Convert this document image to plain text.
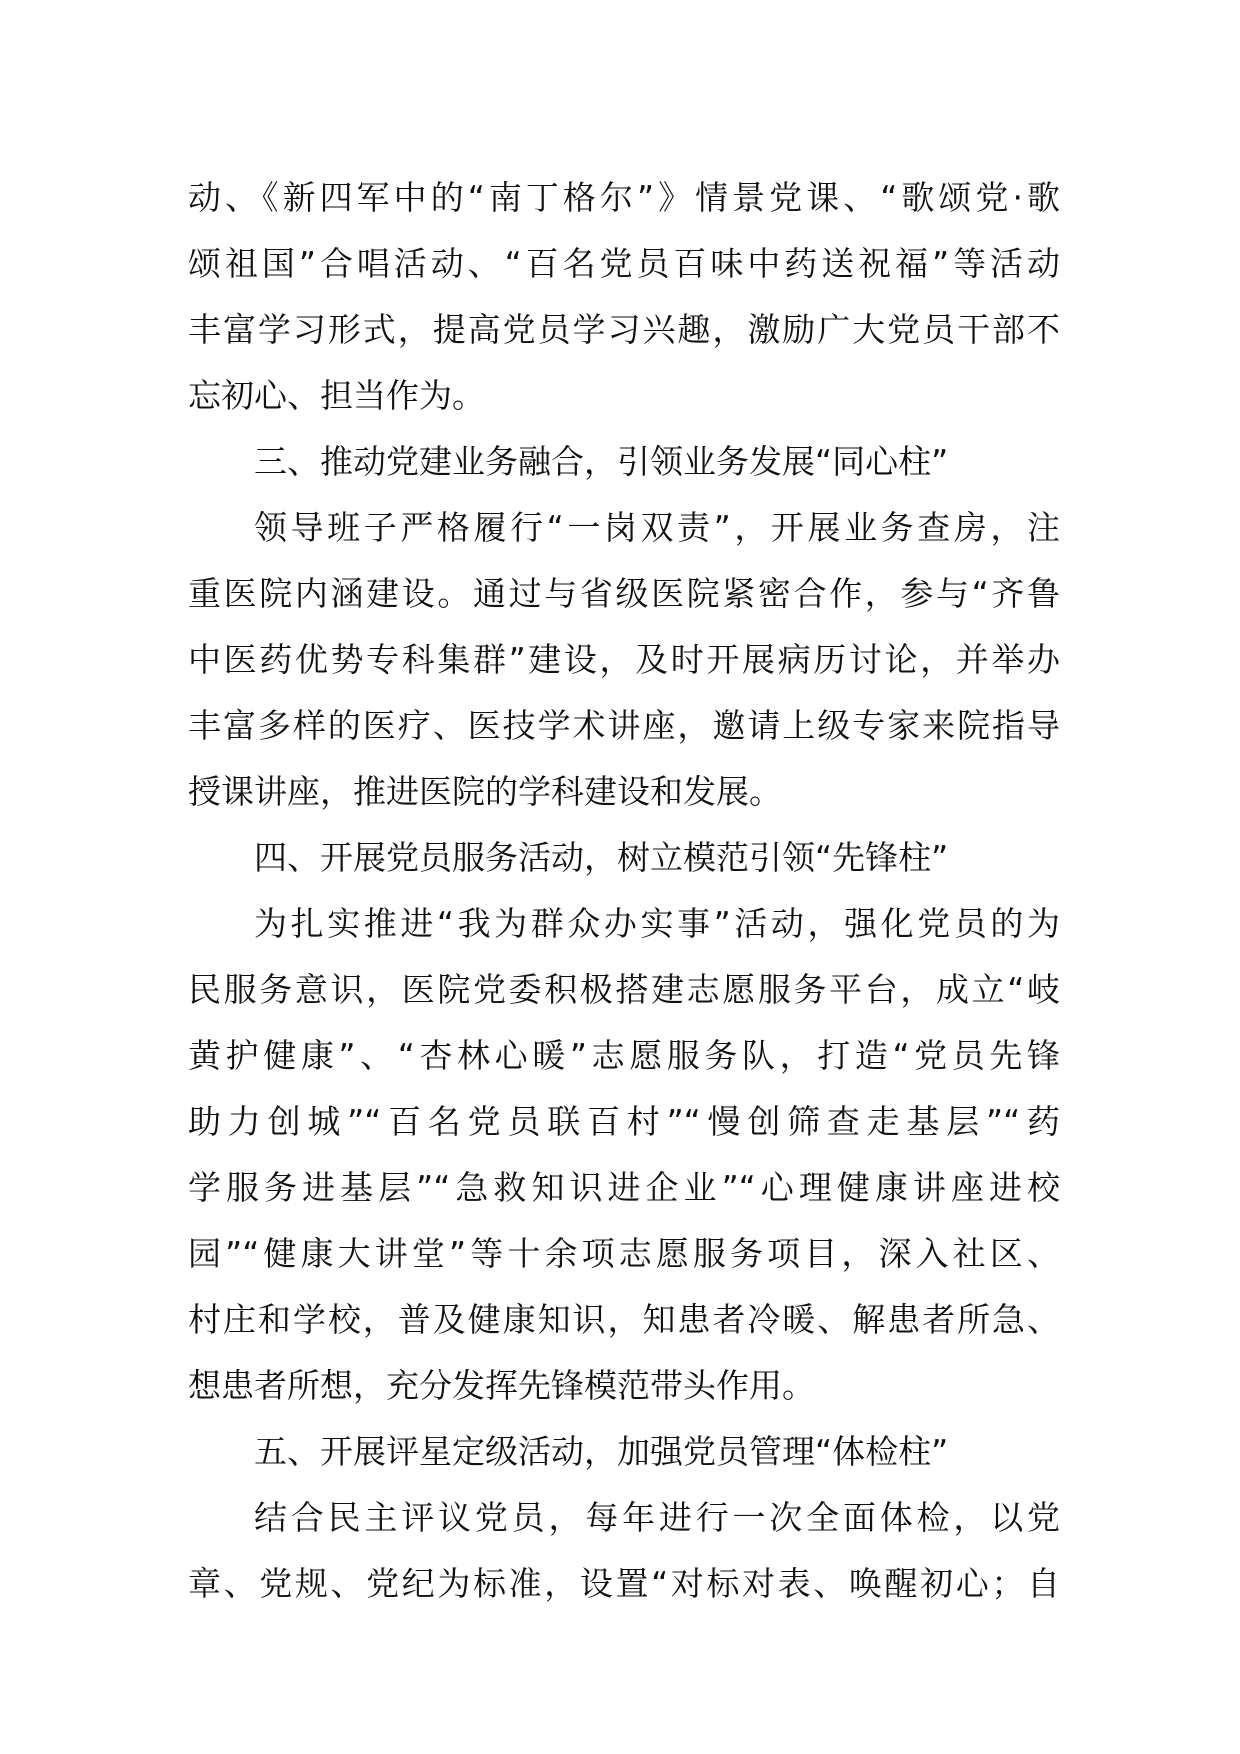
动、《新四军中的“南丁格尔”》情景党课、“歌颂党·歌
颂祖国”合唱活动、“百名党员百味中药送祝福”等活动
丰富学习形式，提高党员学习兴趣，激励广大党员干部不
忘初心、担当作为。
三、推动党建业务融合，引领业务发展“同心柱”
领导班子严格履行“一岗双责”，开展业务查房，注
重医院内涵建设。通过与省级医院紧密合作，参与“齐鲁
中医药优势专科集群”建设，及时开展病历讨论，并举办
丰富多样的医疗、医技学术讲座，邀请上级专家来院指导
授课讲座，推进医院的学科建设和发展。
四、开展党员服务活动，树立模范引领“先锋柱”
为扎实推进“我为群众办实事”活动，强化党员的为
民服务意识，医院党委积极搭建志愿服务平台，成立“岐
黄护健康”、“杏林心暖”志愿服务队，打造“党员先锋
助力创城”“百名党员联百村”“慢创筛查走基层”“药
学服务进基层”“急救知识进企业”“心理健康讲座进校
园”“健康大讲堂”等十余项志愿服务项目，深入社区、
村庄和学校，普及健康知识，知患者冷暖、解患者所急、
想患者所想，充分发挥先锋模范带头作用。
五、开展评星定级活动，加强党员管理“体检柱”
结合民主评议党员，每年进行一次全面体检，以党
章、党规、党纪为标准，设置“对标对表、唤醒初心；自
